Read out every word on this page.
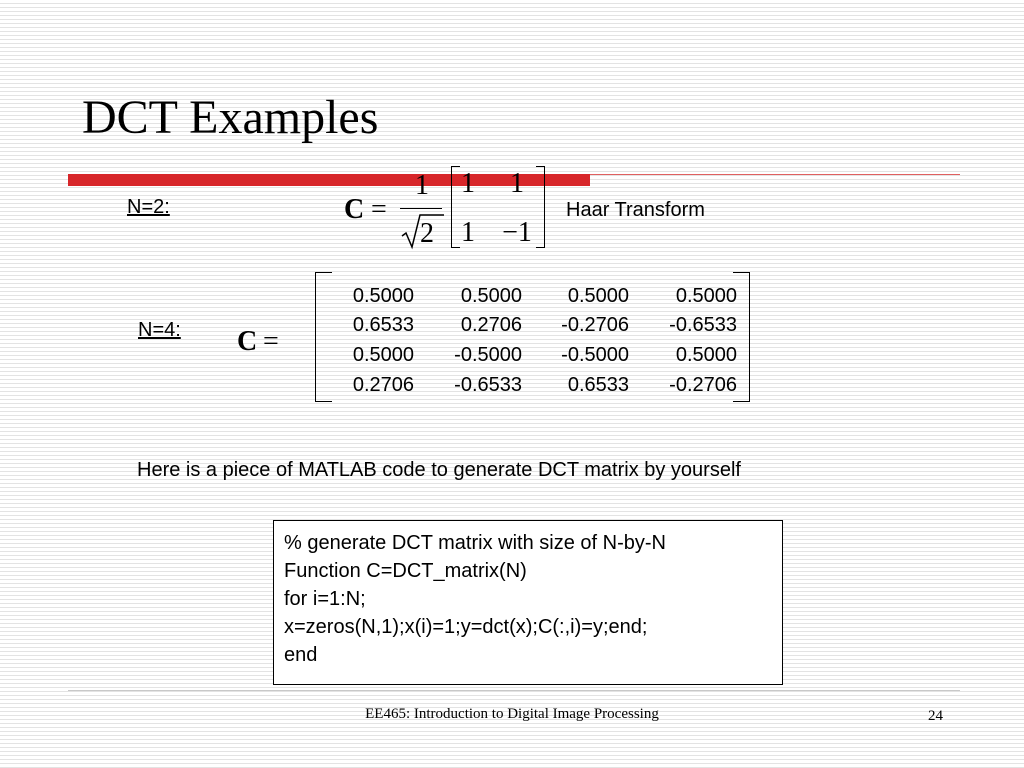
DCT Examples
N=2:	C =
1
2
1	1
1 −1
Haar Transform
N=4: C =
0.5000	0.5000	0.5000	0.5000
0.6533	0.2706	-0.2706	-0.6533
0.5000	-0.5000	-0.5000	0.5000
0.2706	-0.6533	0.6533	-0.2706
Here is a piece of MATLAB code to generate DCT matrix by yourself
% generate DCT matrix with size of N-by-N
Function C=DCT_matrix(N)
for i=1:N;
x=zeros(N,1);x(i)=1;y=dct(x);C(:,i)=y;end;
end
EE465: Introduction to Digital Image Processing	24
